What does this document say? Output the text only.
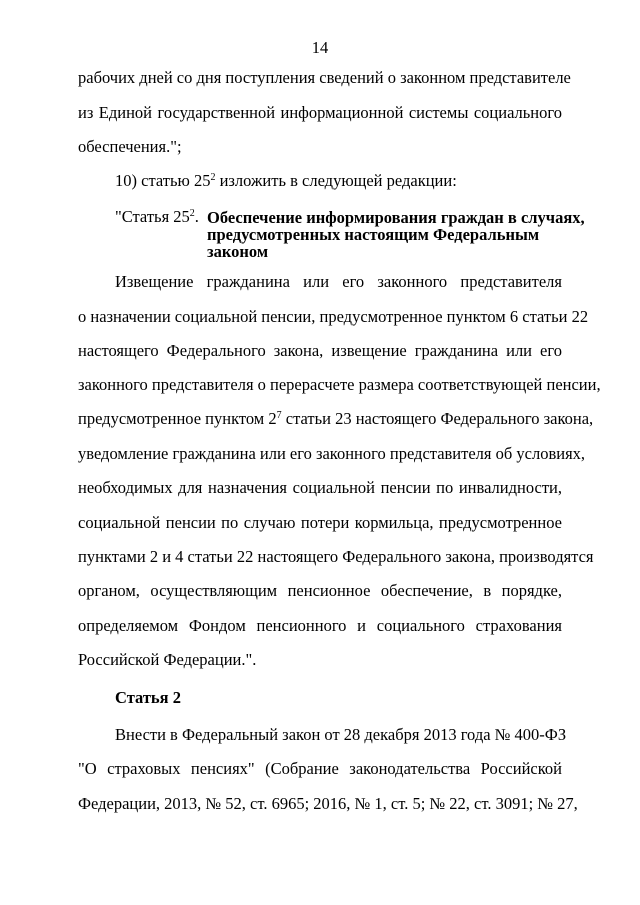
14
рабочих дней со дня поступления сведений о законном представителе
из Единой государственной информационной системы социального
обеспечения.";
10) статью $25^2$ изложить в следующей редакции:
"Статья $25^2$. Обеспечение информирования граждан в случаях,
предусмотренных настоящим Федеральным
законом
Извещение гражданина или его законного представителя
о назначении социальной пенсии, предусмотренное пунктом 6 статьи 22
настоящего Федерального закона, извещение гражданина или его
законного представителя о перерасчете размера соответствующей пенсии,
предусмотренное пунктом $2^7$ статьи 23 настоящего Федерального закона,
уведомление гражданина или его законного представителя об условиях,
необходимых для назначения социальной пенсии по инвалидности,
социальной пенсии по случаю потери кормильца, предусмотренное
пунктами 2 и 4 статьи 22 настоящего Федерального закона, производятся
органом, осуществляющим пенсионное обеспечение, в порядке,
определяемом Фондом пенсионного и социального страхования
Российской Федерации.".
Статья 2
Внести в Федеральный закон от 28 декабря 2013 года № 400-ФЗ
"О страховых пенсиях" (Собрание законодательства Российской
Федерации, 2013, № 52, ст. 6965; 2016, № 1, ст. 5; № 22, ст. 3091; № 27,
